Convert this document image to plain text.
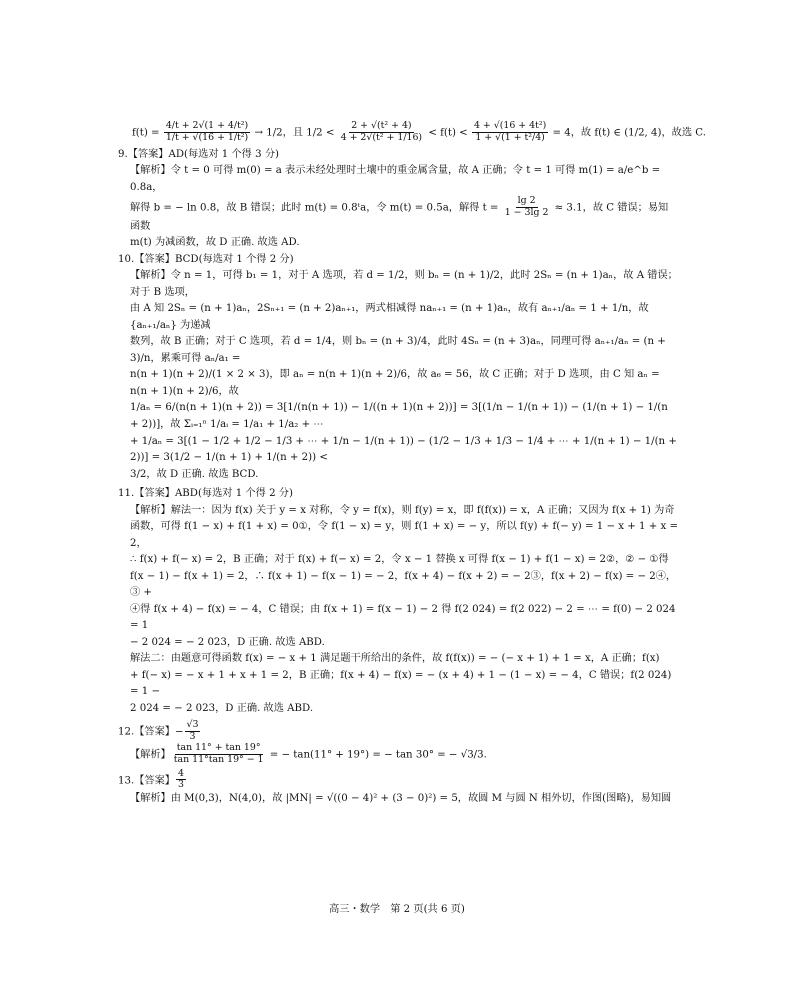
$f(t) = \frac{\text{4/t + 2√(1 + 4/t²)}}{\text{1/t + √(16 + 1/t²)}} \to 1/2$，且 $1/2 < \frac{\text{2 + √(t² + 4)}}{\text{4 + 2√(t² + 1/16)}} < f(t) < \frac{\text{4 + √(16 + 4t²)}}{\text{1 + √(1 + t²/4)}} = 4$，故 f(t) ∈ (1/2, 4)，故选 C.

9.【答案】AD(每选对 1 个得 3 分)

【解析】令 t = 0 可得 m(0) = a 表示未经处理时土壤中的重金属含量，故 A 正确；令 t = 1 可得 m(1) = a/e^b = 0.8a，

解得 b = − ln 0.8，故 B 错误；此时 m(t) = 0.8ᵗa，令 m(t) = 0.5a，解得 $t = \frac{\lg 2}{1 - 3\lg 2} \approx 3.1$，故 C 错误；易知函数

m(t) 为减函数，故 D 正确. 故选 AD.

10.【答案】BCD(每选对 1 个得 2 分)

【解析】令 n = 1，可得 b₁ = 1，对于 A 选项，若 d = 1/2，则 bₙ = (n + 1)/2，此时 2Sₙ = (n + 1)aₙ，故 A 错误；对于 B 选项，

由 A 知 2Sₙ = (n + 1)aₙ，2Sₙ₊₁ = (n + 2)aₙ₊₁，两式相减得 naₙ₊₁ = (n + 1)aₙ，故有 aₙ₊₁/aₙ = 1 + 1/n，故 {aₙ₊₁/aₙ} 为递减

数列，故 B 正确；对于 C 选项，若 d = 1/4，则 bₙ = (n + 3)/4，此时 4Sₙ = (n + 3)aₙ，同理可得 aₙ₊₁/aₙ = (n + 3)/n，累乘可得 aₙ/a₁ =

n(n + 1)(n + 2)/(1 × 2 × 3)，即 aₙ = n(n + 1)(n + 2)/6，故 a₆ = 56，故 C 正确；对于 D 选项，由 C 知 aₙ = n(n + 1)(n + 2)/6，故

1/aₙ = 6/(n(n + 1)(n + 2)) = 3[1/(n(n + 1)) − 1/((n + 1)(n + 2))] = 3[(1/n − 1/(n + 1)) − (1/(n + 1) − 1/(n + 2))]，故 Σᵢ₌₁ⁿ 1/aᵢ = 1/a₁ + 1/a₂ + ⋯

+ 1/aₙ = 3[(1 − 1/2 + 1/2 − 1/3 + ⋯ + 1/n − 1/(n + 1)) − (1/2 − 1/3 + 1/3 − 1/4 + ⋯ + 1/(n + 1) − 1/(n + 2))] = 3(1/2 − 1/(n + 1) + 1/(n + 2)) <

3/2，故 D 正确. 故选 BCD.

11.【答案】ABD(每选对 1 个得 2 分)

【解析】解法一：因为 f(x) 关于 y = x 对称，令 y = f(x)，则 f(y) = x，即 f(f(x)) = x，A 正确；又因为 f(x + 1) 为奇

函数，可得 f(1 − x) + f(1 + x) = 0①，令 f(1 − x) = y，则 f(1 + x) = − y，所以 f(y) + f(− y) = 1 − x + 1 + x = 2，

∴ f(x) + f(− x) = 2，B 正确；对于 f(x) + f(− x) = 2，令 x − 1 替换 x 可得 f(x − 1) + f(1 − x) = 2②，② − ①得

f(x − 1) − f(x + 1) = 2，∴ f(x + 1) − f(x − 1) = − 2，f(x + 4) − f(x + 2) = − 2③，f(x + 2) − f(x) = − 2④，③ +

④得 f(x + 4) − f(x) = − 4，C 错误；由 f(x + 1) = f(x − 1) − 2 得 f(2 024) = f(2 022) − 2 = ⋯ = f(0) − 2 024 = 1

− 2 024 = − 2 023，D 正确. 故选 ABD.

解法二：由题意可得函数 f(x) = − x + 1 满足题干所给出的条件，故 f(f(x)) = − (− x + 1) + 1 = x，A 正确；f(x)

+ f(− x) = − x + 1 + x + 1 = 2，B 正确；f(x + 4) − f(x) = − (x + 4) + 1 − (1 − x) = − 4，C 错误；f(2 024) = 1 −

2 024 = − 2 023，D 正确. 故选 ABD.

12.【答案】− $\frac{√3}{3}$

【解析】 $\frac{\tan 11^\circ + \tan 19^\circ}{\tan 11^\circ\tan 19^\circ - 1}$ = − tan(11° + 19°) = − tan 30° = − √3/3.

13.【答案】 $\frac{4}{3}$

【解析】由 M(0,3)，N(4,0)，故 |MN| = √((0 − 4)² + (3 − 0)²) = 5，故圆 M 与圆 N 相外切，作图(图略)，易知圆

高三・数学　第 2 页(共 6 页)
